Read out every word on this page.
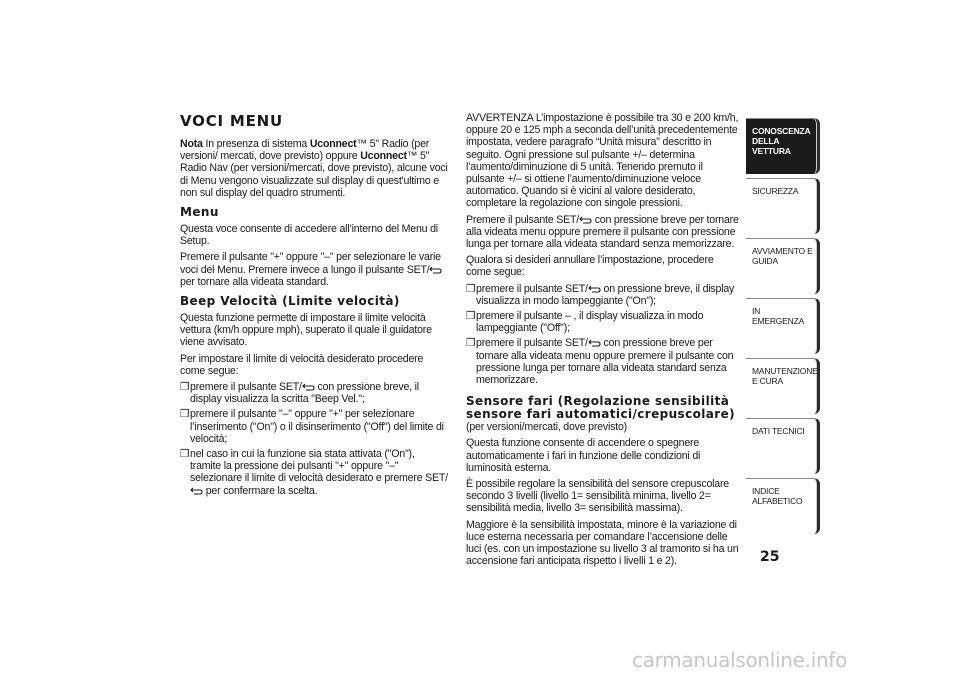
VOCI MENU

Nota In presenza di sistema Uconnect™ 5" Radio (per versioni/ mercati, dove previsto) oppure Uconnect™ 5" Radio Nav (per versioni/mercati, dove previsto), alcune voci di Menu vengono visualizzate sul display di quest'ultimo e non sul display del quadro strumenti.

Menu

Questa voce consente di accedere all’interno del Menu di Setup.

Premere il pulsante "+" oppure "–" per selezionare le varie voci del Menu. Premere invece a lungo il pulsante SET/ per tornare alla videata standard.

Beep Velocità (Limite velocità)

Questa funzione permette di impostare il limite velocità vettura (km/h oppure mph), superato il quale il guidatore viene avvisato.

Per impostare il limite di velocità desiderato procedere come segue:

❒premere il pulsante SET/ con pressione breve, il display visualizza la scritta "Beep Vel.";
❒premere il pulsante "–" oppure "+" per selezionare l’inserimento ("On") o il disinserimento ("Off") del limite di velocità;
❒nel caso in cui la funzione sia stata attivata ("On"), tramite la pressione dei pulsanti "+" oppure "–" selezionare il limite di velocità desiderato e premere SET/ per confermare la scelta.

AVVERTENZA L’impostazione è possibile tra 30 e 200 km/h, oppure 20 e 125 mph a seconda dell’unità precedentemente impostata, vedere paragrafo “Unità misura" descritto in seguito. Ogni pressione sul pulsante +/– determina l’aumento/diminuzione di 5 unità. Tenendo premuto il pulsante +/– si ottiene l’aumento/diminuzione veloce automatico. Quando si è vicini al valore desiderato, completare la regolazione con singole pressioni.

Premere il pulsante SET/ con pressione breve per tornare alla videata menu oppure premere il pulsante con pressione lunga per tornare alla videata standard senza memorizzare.

Qualora si desideri annullare l’impostazione, procedere come segue:

❒premere il pulsante SET/ on pressione breve, il display visualizza in modo lampeggiante ("On");
❒premere il pulsante – , il display visualizza in modo lampeggiante ("Off");
❒premere il pulsante SET/ con pressione breve per tornare alla videata menu oppure premere il pulsante con pressione lunga per tornare alla videata standard senza memorizzare.
Sensore fari (Regolazione sensibilità sensore fari automatici/crepuscolare)

(per versioni/mercati, dove previsto)

Questa funzione consente di accendere o spegnere automaticamente i fari in funzione delle condizioni di luminosità esterna.

È possibile regolare la sensibilità del sensore crepuscolare secondo 3 livelli (livello 1= sensibilità minima, livello 2= sensibilità media, livello 3= sensibilità massima).

Maggiore è la sensibilità impostata, minore è la variazione di luce esterna necessaria per comandare l’accensione delle luci (es. con un impostazione su livello 3 al tramonto si ha un accensione fari anticipata rispetto i livelli 1 e 2).

CONOSCENZA DELLA VETTURA
SICUREZZA
AVVIAMENTO E GUIDA
IN EMERGENZA
MANUTENZIONE E CURA
DATI TECNICI
INDICE ALFABETICO
25
carmanualsonline.info
